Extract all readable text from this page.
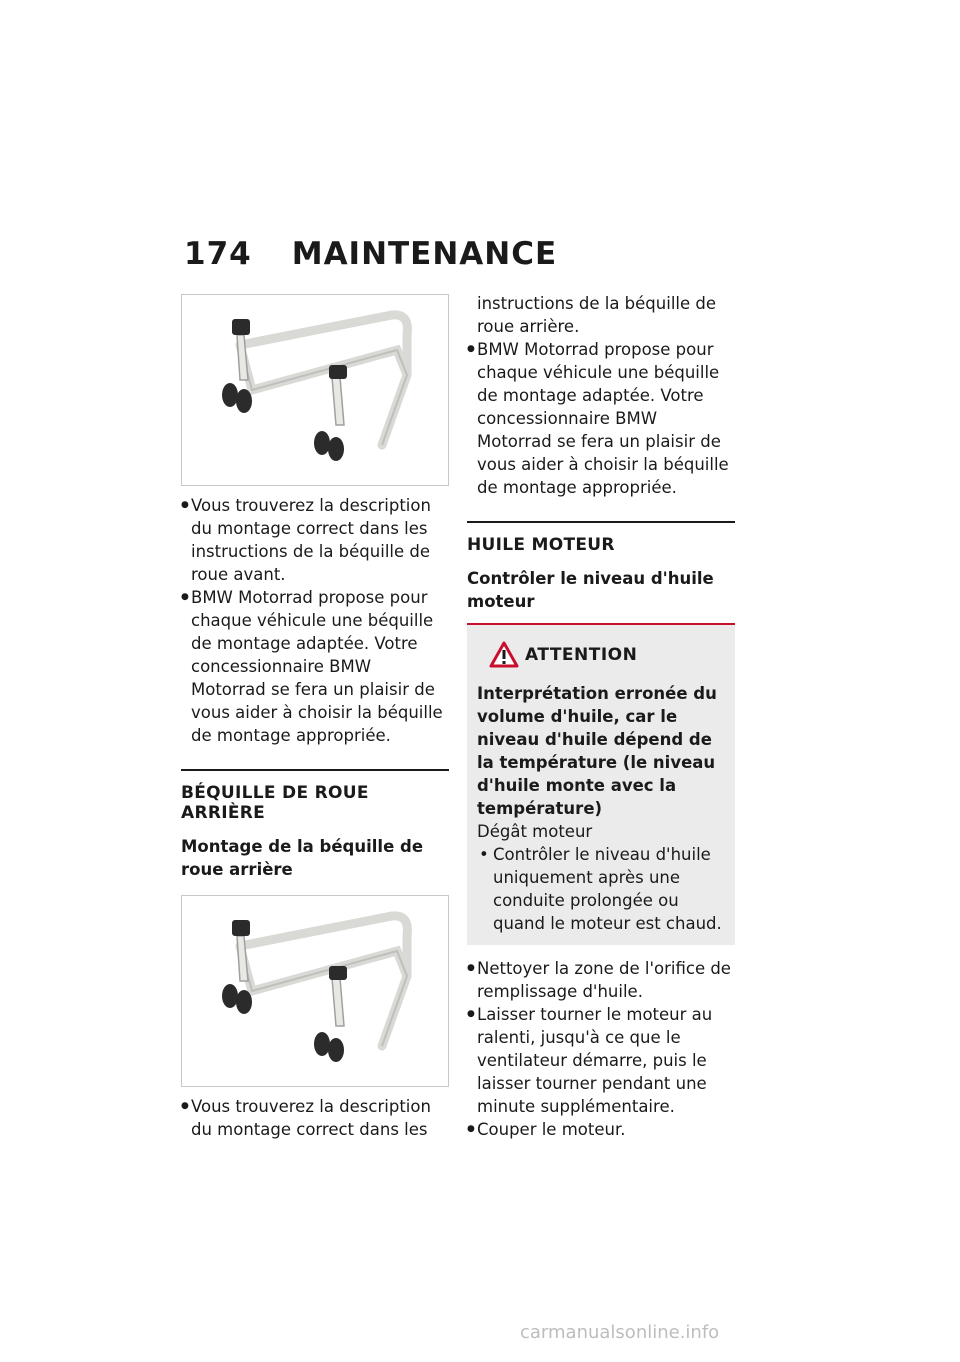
174 MAINTENANCE
● Vous trouverez la description du montage correct dans les instructions de la béquille de roue avant.
● BMW Motorrad propose pour chaque véhicule une béquille de montage adaptée. Votre concessionnaire BMW Motorrad se fera un plaisir de vous aider à choisir la béquille de montage appropriée.
BÉQUILLE DE ROUE ARRIÈRE
Montage de la béquille de roue arrière
● Vous trouverez la description du montage correct dans les
instructions de la béquille de roue arrière.
● BMW Motorrad propose pour chaque véhicule une béquille de montage adaptée. Votre concessionnaire BMW Motorrad se fera un plaisir de vous aider à choisir la béquille de montage appropriée.
HUILE MOTEUR
Contrôler le niveau d'huile moteur
ATTENTION
Interprétation erronée du volume d'huile, car le niveau d'huile dépend de la température (le niveau d'huile monte avec la température)
Dégât moteur
• Contrôler le niveau d'huile uniquement après une conduite prolongée ou quand le moteur est chaud.
● Nettoyer la zone de l'orifice de remplissage d'huile.
● Laisser tourner le moteur au ralenti, jusqu'à ce que le ventilateur démarre, puis le laisser tourner pendant une minute supplémentaire.
● Couper le moteur.
carmanualsonline.info
